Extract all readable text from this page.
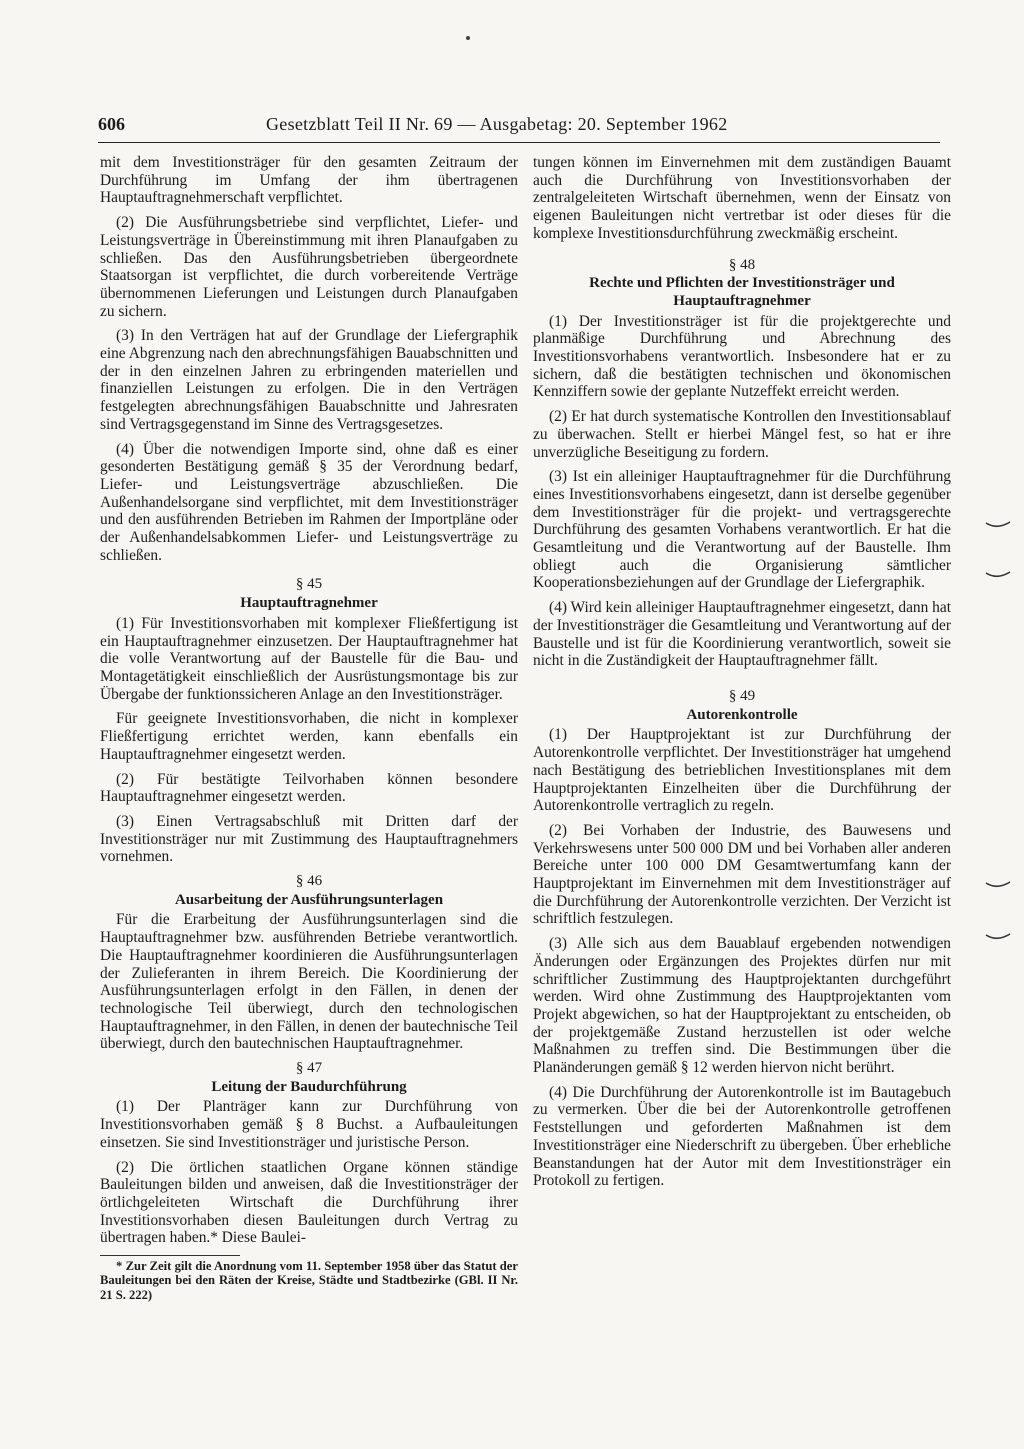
606	Gesetzblatt Teil II Nr. 69 — Ausgabetag: 20. September 1962

mit dem Investitionsträger für den gesamten Zeitraum der Durchführung im Umfang der ihm übertragenen Hauptauftragnehmerschaft verpflichtet.

(2) Die Ausführungsbetriebe sind verpflichtet, Liefer- und Leistungsverträge in Übereinstimmung mit ihren Planaufgaben zu schließen. Das den Ausführungsbetrieben übergeordnete Staatsorgan ist verpflichtet, die durch vorbereitende Verträge übernommenen Lieferungen und Leistungen durch Planaufgaben zu sichern.

(3) In den Verträgen hat auf der Grundlage der Liefergraphik eine Abgrenzung nach den abrechnungsfähigen Bauabschnitten und der in den einzelnen Jahren zu erbringenden materiellen und finanziellen Leistungen zu erfolgen. Die in den Verträgen festgelegten abrechnungsfähigen Bauabschnitte und Jahresraten sind Vertragsgegenstand im Sinne des Vertragsgesetzes.

(4) Über die notwendigen Importe sind, ohne daß es einer gesonderten Bestätigung gemäß § 35 der Verordnung bedarf, Liefer- und Leistungsverträge abzuschließen. Die Außenhandelsorgane sind verpflichtet, mit dem Investitionsträger und den ausführenden Betrieben im Rahmen der Importpläne oder der Außenhandelsabkommen Liefer- und Leistungsverträge zu schließen.

§ 45
Hauptauftragnehmer

(1) Für Investitionsvorhaben mit komplexer Fließfertigung ist ein Hauptauftragnehmer einzusetzen. Der Hauptauftragnehmer hat die volle Verantwortung auf der Baustelle für die Bau- und Montagetätigkeit einschließlich der Ausrüstungsmontage bis zur Übergabe der funktionssicheren Anlage an den Investitionsträger.

Für geeignete Investitionsvorhaben, die nicht in komplexer Fließfertigung errichtet werden, kann ebenfalls ein Hauptauftragnehmer eingesetzt werden.

(2) Für bestätigte Teilvorhaben können besondere Hauptauftragnehmer eingesetzt werden.

(3) Einen Vertragsabschluß mit Dritten darf der Investitionsträger nur mit Zustimmung des Hauptauftragnehmers vornehmen.

§ 46
Ausarbeitung der Ausführungsunterlagen

Für die Erarbeitung der Ausführungsunterlagen sind die Hauptauftragnehmer bzw. ausführenden Betriebe verantwortlich. Die Hauptauftragnehmer koordinieren die Ausführungsunterlagen der Zulieferanten in ihrem Bereich. Die Koordinierung der Ausführungsunterlagen erfolgt in den Fällen, in denen der technologische Teil überwiegt, durch den technologischen Hauptauftragnehmer, in den Fällen, in denen der bautechnische Teil überwiegt, durch den bautechnischen Hauptauftragnehmer.

§ 47
Leitung der Baudurchführung

(1) Der Planträger kann zur Durchführung von Investitionsvorhaben gemäß § 8 Buchst. a Aufbauleitungen einsetzen. Sie sind Investitionsträger und juristische Person.

(2) Die örtlichen staatlichen Organe können ständige Bauleitungen bilden und anweisen, daß die Investitionsträger der örtlichgeleiteten Wirtschaft die Durchführung ihrer Investitionsvorhaben diesen Bauleitungen durch Vertrag zu übertragen haben.* Diese Baulei-

* Zur Zeit gilt die Anordnung vom 11. September 1958 über das Statut der Bauleitungen bei den Räten der Kreise, Städte und Stadtbezirke (GBl. II Nr. 21 S. 222)

tungen können im Einvernehmen mit dem zuständigen Bauamt auch die Durchführung von Investitionsvorhaben der zentralgeleiteten Wirtschaft übernehmen, wenn der Einsatz von eigenen Bauleitungen nicht vertretbar ist oder dieses für die komplexe Investitionsdurchführung zweckmäßig erscheint.

§ 48
Rechte und Pflichten der Investitionsträger und Hauptauftragnehmer

(1) Der Investitionsträger ist für die projektgerechte und planmäßige Durchführung und Abrechnung des Investitionsvorhabens verantwortlich. Insbesondere hat er zu sichern, daß die bestätigten technischen und ökonomischen Kennziffern sowie der geplante Nutzeffekt erreicht werden.

(2) Er hat durch systematische Kontrollen den Investitionsablauf zu überwachen. Stellt er hierbei Mängel fest, so hat er ihre unverzügliche Beseitigung zu fordern.

(3) Ist ein alleiniger Hauptauftragnehmer für die Durchführung eines Investitionsvorhabens eingesetzt, dann ist derselbe gegenüber dem Investitionsträger für die projekt- und vertragsgerechte Durchführung des gesamten Vorhabens verantwortlich. Er hat die Gesamtleitung und die Verantwortung auf der Baustelle. Ihm obliegt auch die Organisierung sämtlicher Kooperationsbeziehungen auf der Grundlage der Liefergraphik.

(4) Wird kein alleiniger Hauptauftragnehmer eingesetzt, dann hat der Investitionsträger die Gesamtleitung und Verantwortung auf der Baustelle und ist für die Koordinierung verantwortlich, soweit sie nicht in die Zuständigkeit der Hauptauftragnehmer fällt.

§ 49
Autorenkontrolle

(1) Der Hauptprojektant ist zur Durchführung der Autorenkontrolle verpflichtet. Der Investitionsträger hat umgehend nach Bestätigung des betrieblichen Investitionsplanes mit dem Hauptprojektanten Einzelheiten über die Durchführung der Autorenkontrolle vertraglich zu regeln.

(2) Bei Vorhaben der Industrie, des Bauwesens und Verkehrswesens unter 500 000 DM und bei Vorhaben aller anderen Bereiche unter 100 000 DM Gesamtwertumfang kann der Hauptprojektant im Einvernehmen mit dem Investitionsträger auf die Durchführung der Autorenkontrolle verzichten. Der Verzicht ist schriftlich festzulegen.

(3) Alle sich aus dem Bauablauf ergebenden notwendigen Änderungen oder Ergänzungen des Projektes dürfen nur mit schriftlicher Zustimmung des Hauptprojektanten durchgeführt werden. Wird ohne Zustimmung des Hauptprojektanten vom Projekt abgewichen, so hat der Hauptprojektant zu entscheiden, ob der projektgemäße Zustand herzustellen ist oder welche Maßnahmen zu treffen sind. Die Bestimmungen über die Planänderungen gemäß § 12 werden hiervon nicht berührt.

(4) Die Durchführung der Autorenkontrolle ist im Bautagebuch zu vermerken. Über die bei der Autorenkontrolle getroffenen Feststellungen und geforderten Maßnahmen ist dem Investitionsträger eine Niederschrift zu übergeben. Über erhebliche Beanstandungen hat der Autor mit dem Investitionsträger ein Protokoll zu fertigen.
